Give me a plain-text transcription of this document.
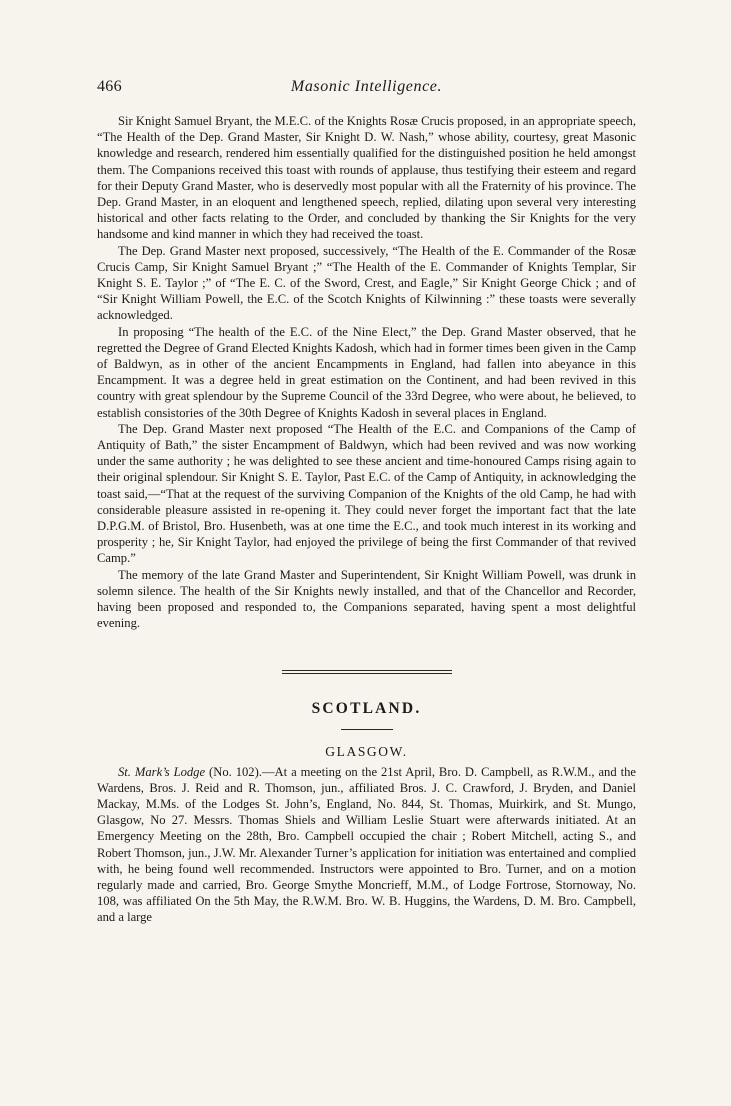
466	Masonic Intelligence.

Sir Knight Samuel Bryant, the M.E.C. of the Knights Rosæ Crucis proposed, in an appropriate speech, “The Health of the Dep. Grand Master, Sir Knight D. W. Nash,” whose ability, courtesy, great Masonic knowledge and research, rendered him essentially qualified for the distinguished position he held amongst them. The Companions received this toast with rounds of applause, thus testifying their esteem and regard for their Deputy Grand Master, who is deservedly most popular with all the Fraternity of his province. The Dep. Grand Master, in an eloquent and lengthened speech, replied, dilating upon several very interesting historical and other facts relating to the Order, and concluded by thanking the Sir Knights for the very handsome and kind manner in which they had received the toast.

The Dep. Grand Master next proposed, successively, “The Health of the E. Commander of the Rosæ Crucis Camp, Sir Knight Samuel Bryant ;” “The Health of the E. Commander of Knights Templar, Sir Knight S. E. Taylor ;” of “The E. C. of the Sword, Crest, and Eagle,” Sir Knight George Chick ; and of “Sir Knight William Powell, the E.C. of the Scotch Knights of Kilwinning :” these toasts were severally acknowledged.

In proposing “The health of the E.C. of the Nine Elect,” the Dep. Grand Master observed, that he regretted the Degree of Grand Elected Knights Kadosh, which had in former times been given in the Camp of Baldwyn, as in other of the ancient Encampments in England, had fallen into abeyance in this Encampment. It was a degree held in great estimation on the Continent, and had been revived in this country with great splendour by the Supreme Council of the 33rd Degree, who were about, he believed, to establish consistories of the 30th Degree of Knights Kadosh in several places in England.

The Dep. Grand Master next proposed “The Health of the E.C. and Companions of the Camp of Antiquity of Bath,” the sister Encampment of Baldwyn, which had been revived and was now working under the same authority ; he was delighted to see these ancient and time-honoured Camps rising again to their original splendour. Sir Knight S. E. Taylor, Past E.C. of the Camp of Antiquity, in acknowledging the toast said,—“That at the request of the surviving Companion of the Knights of the old Camp, he had with considerable pleasure assisted in re-opening it. They could never forget the important fact that the late D.P.G.M. of Bristol, Bro. Husenbeth, was at one time the E.C., and took much interest in its working and prosperity ; he, Sir Knight Taylor, had enjoyed the privilege of being the first Commander of that revived Camp.”

The memory of the late Grand Master and Superintendent, Sir Knight William Powell, was drunk in solemn silence. The health of the Sir Knights newly installed, and that of the Chancellor and Recorder, having been proposed and responded to, the Companions separated, having spent a most delightful evening.

SCOTLAND.
GLASGOW.

St. Mark’s Lodge (No. 102).—At a meeting on the 21st April, Bro. D. Campbell, as R.W.M., and the Wardens, Bros. J. Reid and R. Thomson, jun., affiliated Bros. J. C. Crawford, J. Bryden, and Daniel Mackay, M.Ms. of the Lodges St. John’s, England, No. 844, St. Thomas, Muirkirk, and St. Mungo, Glasgow, No 27. Messrs. Thomas Shiels and William Leslie Stuart were afterwards initiated. At an Emergency Meeting on the 28th, Bro. Campbell occupied the chair ; Robert Mitchell, acting S., and Robert Thomson, jun., J.W. Mr. Alexander Turner’s application for initiation was entertained and complied with, he being found well recommended. Instructors were appointed to Bro. Turner, and on a motion regularly made and carried, Bro. George Smythe Moncrieff, M.M., of Lodge Fortrose, Stornoway, No. 108, was affiliated On the 5th May, the R.W.M. Bro. W. B. Huggins, the Wardens, D. M. Bro. Campbell, and a large
